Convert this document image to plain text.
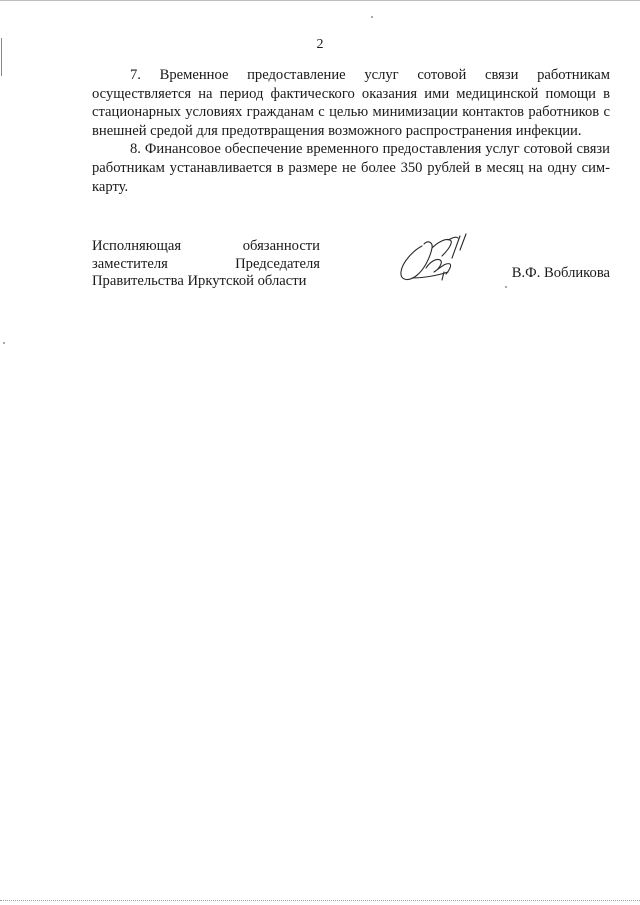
2

7. Временное предоставление услуг сотовой связи работникам осуществляется на период фактического оказания ими медицинской помощи в стационарных условиях гражданам с целью минимизации контактов работников с внешней средой для предотвращения возможного распространения инфекции.

8. Финансовое обеспечение временного предоставления услуг сотовой связи работникам устанавливается в размере не более 350 рублей в месяц на одну сим-карту.

Исполняющая	обязанности
заместителя	Председателя
Правительства Иркутской области	В.Ф. Вобликова
